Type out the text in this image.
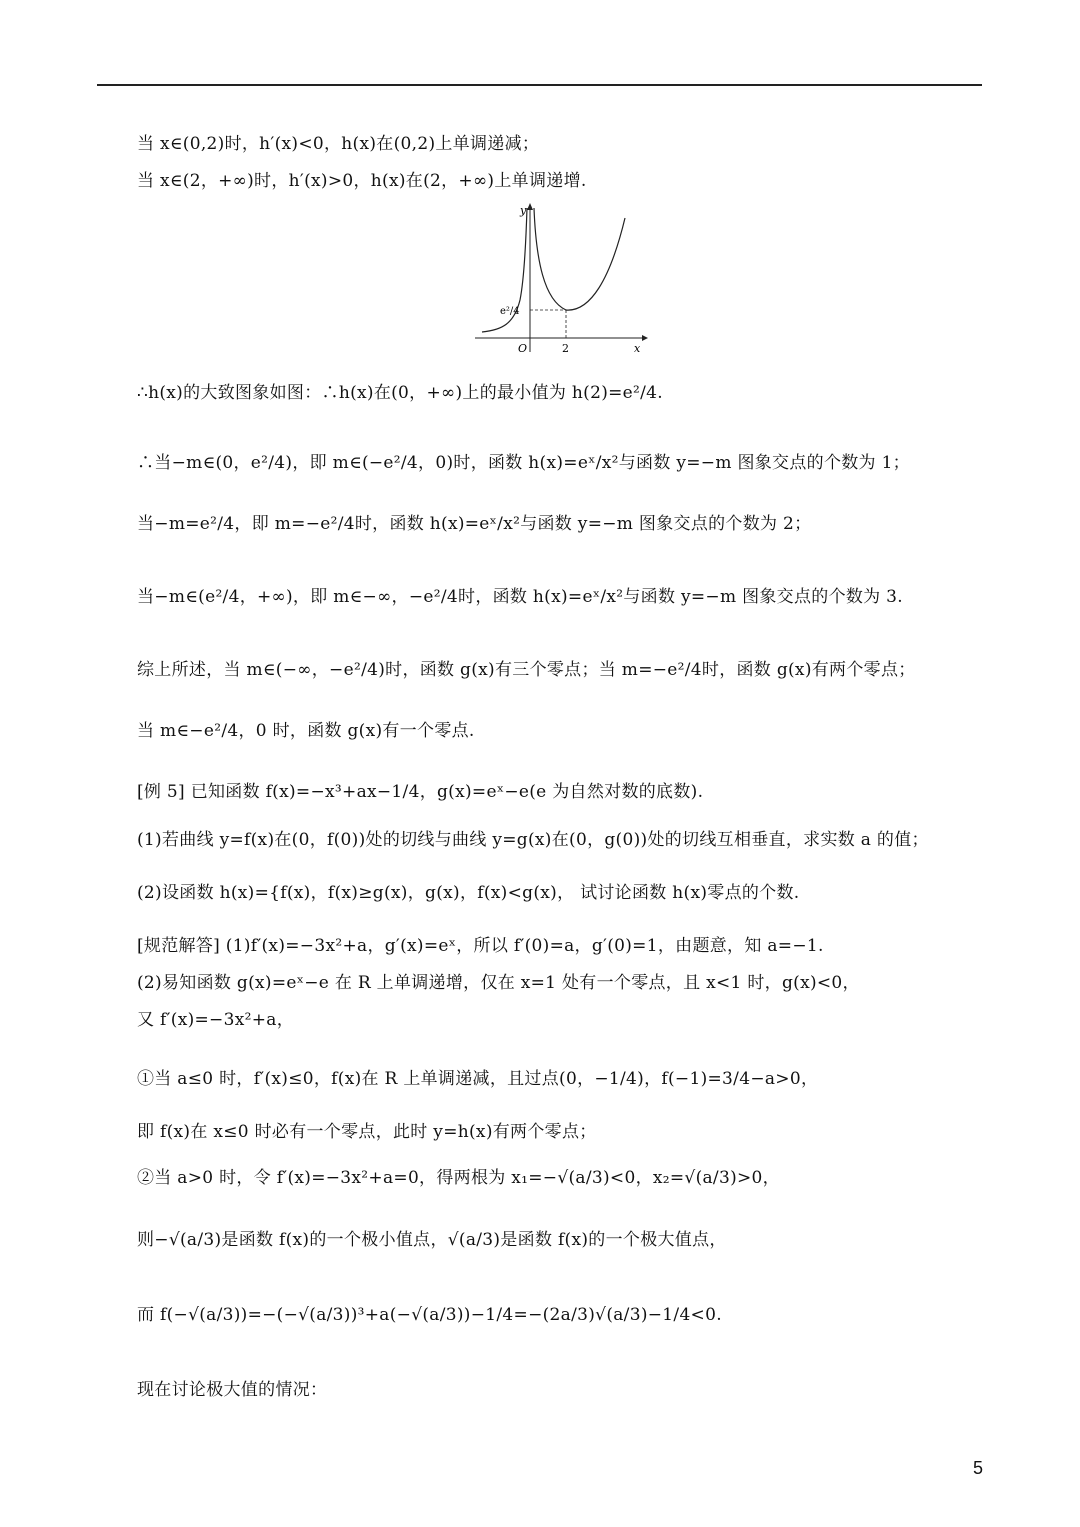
当 x∈(0,2)时，h′(x)<0，h(x)在(0,2)上单调递减；
当 x∈(2，+∞)时，h′(x)>0，h(x)在(2，+∞)上单调递增.
y
x
O	2
e²/4
∴h(x)的大致图象如图：∴h(x)在(0，+∞)上的最小值为 h(2)=e²/4.
∴当−m∈(0，e²/4)，即 m∈(−e²/4，0)时，函数 h(x)=eˣ/x²与函数 y=−m 图象交点的个数为 1；
当−m=e²/4，即 m=−e²/4时，函数 h(x)=eˣ/x²与函数 y=−m 图象交点的个数为 2；
当−m∈(e²/4，+∞)，即 m∈−∞，−e²/4时，函数 h(x)=eˣ/x²与函数 y=−m 图象交点的个数为 3.
综上所述，当 m∈(−∞，−e²/4)时，函数 g(x)有三个零点；当 m=−e²/4时，函数 g(x)有两个零点；
当 m∈−e²/4，0 时，函数 g(x)有一个零点.
[例 5] 已知函数 f(x)=−x³+ax−1/4，g(x)=eˣ−e(e 为自然对数的底数).
(1)若曲线 y=f(x)在(0，f(0))处的切线与曲线 y=g(x)在(0，g(0))处的切线互相垂直，求实数 a 的值；
(2)设函数 h(x)={f(x)，f(x)≥g(x)，g(x)，f(x)<g(x)， 试讨论函数 h(x)零点的个数.
[规范解答] (1)f′(x)=−3x²+a，g′(x)=eˣ，所以 f′(0)=a，g′(0)=1，由题意，知 a=−1.
(2)易知函数 g(x)=eˣ−e 在 R 上单调递增，仅在 x=1 处有一个零点，且 x<1 时，g(x)<0，
又 f′(x)=−3x²+a，
①当 a≤0 时，f′(x)≤0，f(x)在 R 上单调递减，且过点(0，−1/4)，f(−1)=3/4−a>0，
即 f(x)在 x≤0 时必有一个零点，此时 y=h(x)有两个零点；
②当 a>0 时，令 f′(x)=−3x²+a=0，得两根为 x₁=−√(a/3)<0，x₂=√(a/3)>0，
则−√(a/3)是函数 f(x)的一个极小值点，√(a/3)是函数 f(x)的一个极大值点，
而 f(−√(a/3))=−(−√(a/3))³+a(−√(a/3))−1/4=−(2a/3)√(a/3)−1/4<0.
现在讨论极大值的情况：
5
